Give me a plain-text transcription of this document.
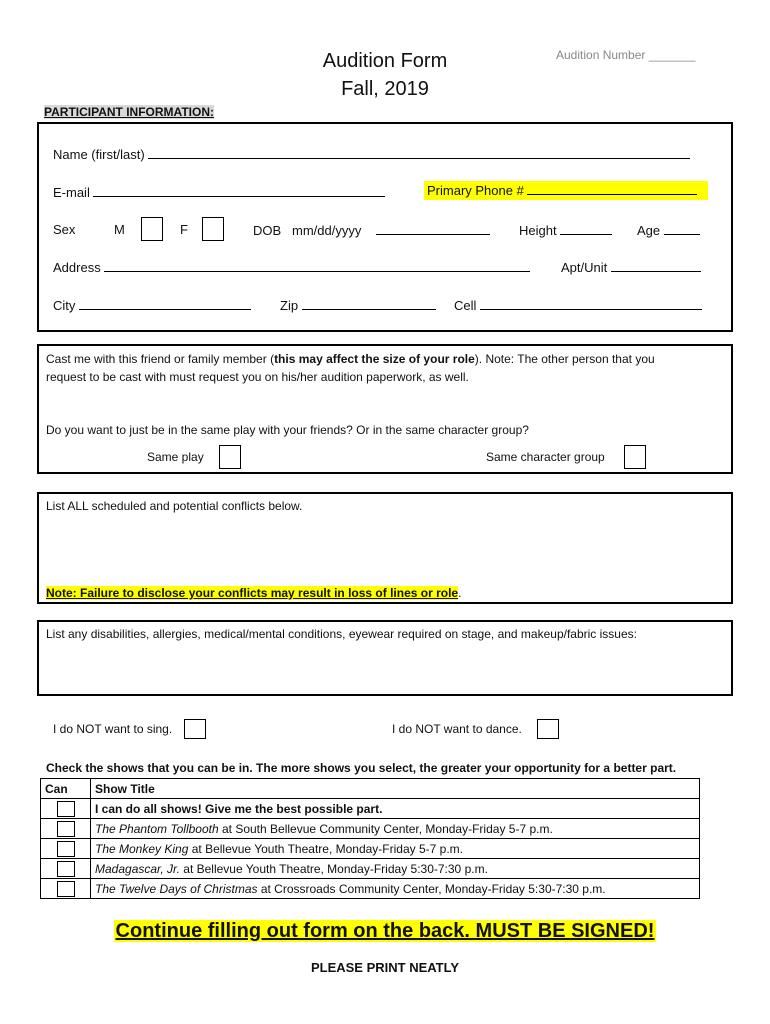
Audition Form
Fall, 2019
Audition Number _______
PARTICIPANT INFORMATION:
Name (first/last)
E-mail	Primary Phone #
Sex	M	F	DOB mm/dd/yyyy	Height	Age
Address	Apt/Unit
City	Zip	Cell
Cast me with this friend or family member (this may affect the size of your role). Note: The other person that you
request to be cast with must request you on his/her audition paperwork, as well.
Do you want to just be in the same play with your friends? Or in the same character group?
Same play	Same character group
List ALL scheduled and potential conflicts below.
Note: Failure to disclose your conflicts may result in loss of lines or role.
List any disabilities, allergies, medical/mental conditions, eyewear required on stage, and makeup/fabric issues:
I do NOT want to sing.	I do NOT want to dance.
Check the shows that you can be in. The more shows you select, the greater your opportunity for a better part.
Can	Show Title
	I can do all shows! Give me the best possible part.
	The Phantom Tollbooth at South Bellevue Community Center, Monday-Friday 5-7 p.m.
	The Monkey King at Bellevue Youth Theatre, Monday-Friday 5-7 p.m.
	Madagascar, Jr. at Bellevue Youth Theatre, Monday-Friday 5:30-7:30 p.m.
	The Twelve Days of Christmas at Crossroads Community Center, Monday-Friday 5:30-7:30 p.m.
Continue filling out form on the back. MUST BE SIGNED!
PLEASE PRINT NEATLY
